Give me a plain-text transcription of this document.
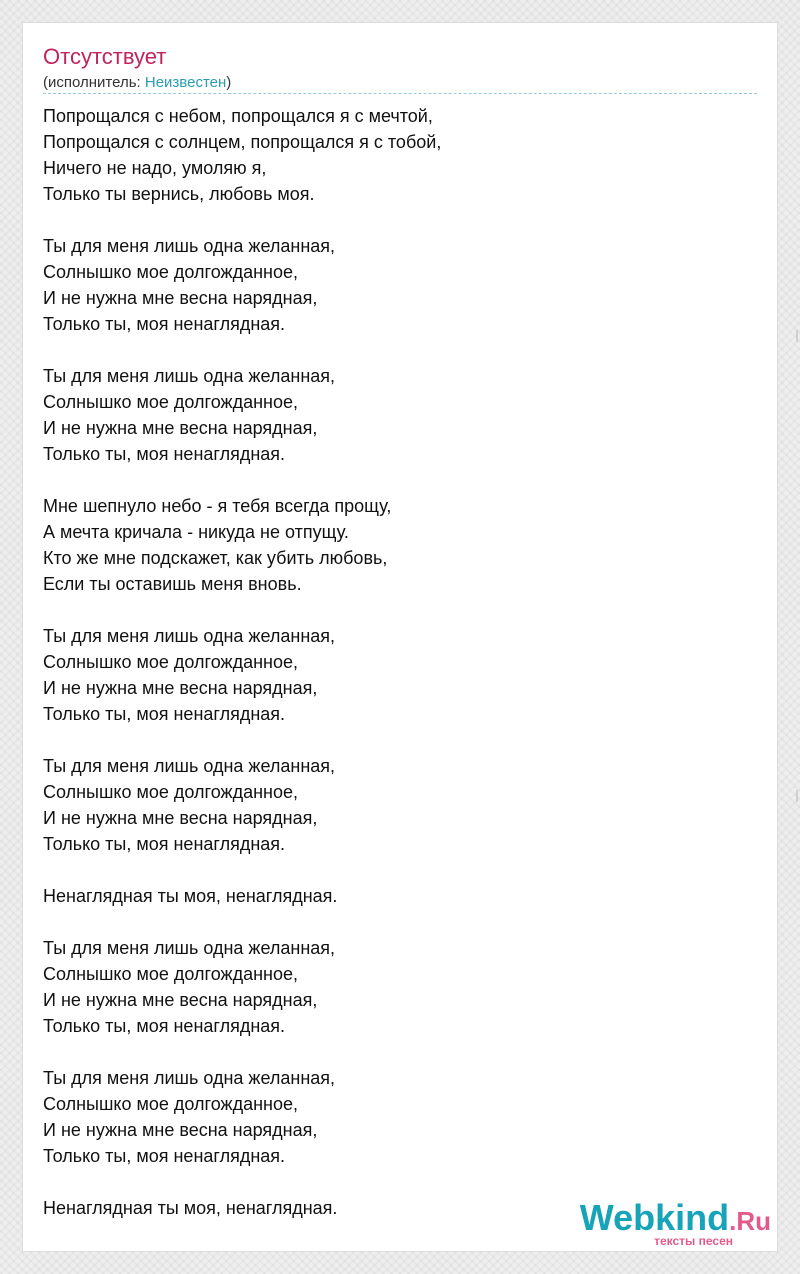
Отсутствует
(исполнитель: Неизвестен)
Попрощался с небом, попрощался я с мечтой,
Попрощался с солнцем, попрощался я с тобой,
Ничего не надо, умоляю я,
Только ты вернись, любовь моя.
Ты для меня лишь одна желанная,
Солнышко мое долгожданное,
И не нужна мне весна нарядная,
Только ты, моя ненаглядная.
Ты для меня лишь одна желанная,
Солнышко мое долгожданное,
И не нужна мне весна нарядная,
Только ты, моя ненаглядная.
Мне шепнуло небо - я тебя всегда прощу,
А мечта кричала - никуда не отпущу.
Кто же мне подскажет, как убить любовь,
Если ты оставишь меня вновь.
Ты для меня лишь одна желанная,
Солнышко мое долгожданное,
И не нужна мне весна нарядная,
Только ты, моя ненаглядная.
Ты для меня лишь одна желанная,
Солнышко мое долгожданное,
И не нужна мне весна нарядная,
Только ты, моя ненаглядная.
Ненаглядная ты моя, ненаглядная.
Ты для меня лишь одна желанная,
Солнышко мое долгожданное,
И не нужна мне весна нарядная,
Только ты, моя ненаглядная.
Ты для меня лишь одна желанная,
Солнышко мое долгожданное,
И не нужна мне весна нарядная,
Только ты, моя ненаглядная.
Ненаглядная ты моя, ненаглядная.	Webkind.Ru
тексты песен
